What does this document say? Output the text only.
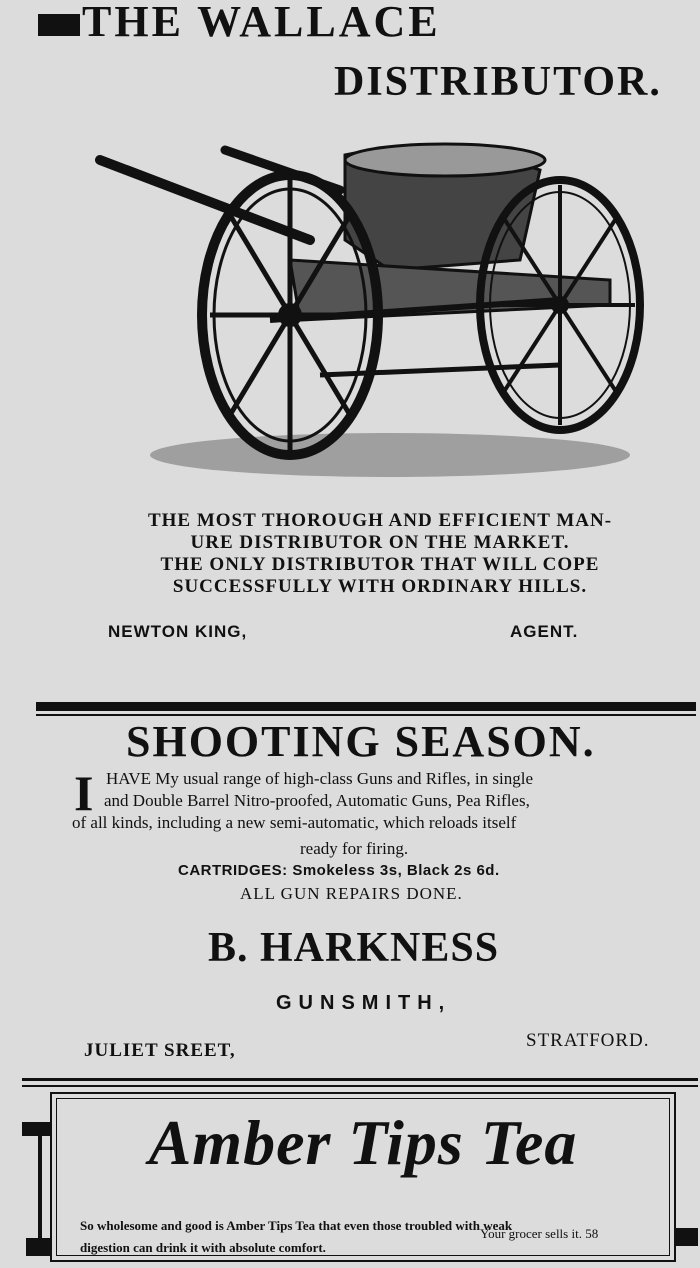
THE WALLACE
DISTRIBUTOR.
THE MOST THOROUGH AND EFFICIENT MAN-
URE DISTRIBUTOR ON THE MARKET.
THE ONLY DISTRIBUTOR THAT WILL COPE
SUCCESSFULLY WITH ORDINARY HILLS.
NEWTON KING,	AGENT.
SHOOTING SEASON.
I HAVE My usual range of high-class Guns and Rifles, in single
and Double Barrel Nitro-proofed, Automatic Guns, Pea Rifles,
of all kinds, including a new semi-automatic, which reloads itself
ready for firing.
CARTRIDGES: Smokeless 3s, Black 2s 6d.
ALL GUN REPAIRS DONE.
B. HARKNESS
GUNSMITH,
JULIET SREET,	STRATFORD.
Amber Tips Tea
So wholesome and good is Amber Tips Tea that even those troubled with weak
digestion can drink it with absolute comfort.
Your grocer sells it. 58
